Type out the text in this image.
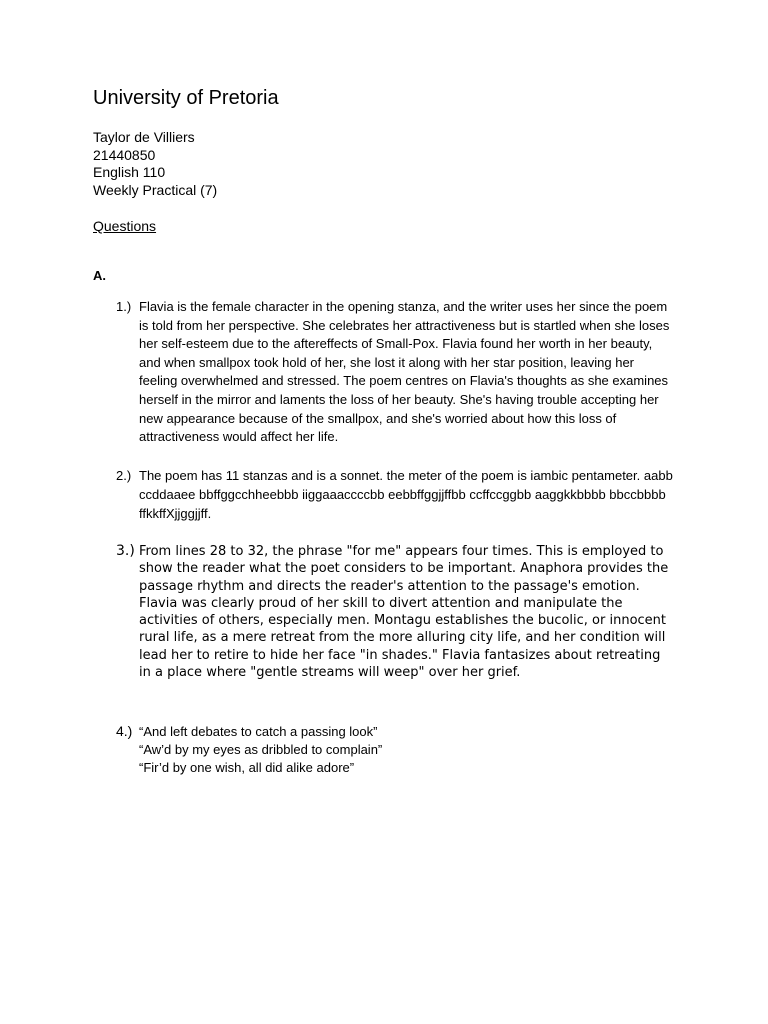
University of Pretoria
Taylor de Villiers
21440850
English 110
Weekly Practical (7)
Questions
A.
1.) Flavia is the female character in the opening stanza, and the writer uses her since the poem is told from her perspective. She celebrates her attractiveness but is startled when she loses her self-esteem due to the aftereffects of Small-Pox. Flavia found her worth in her beauty, and when smallpox took hold of her, she lost it along with her star position, leaving her feeling overwhelmed and stressed. The poem centres on Flavia's thoughts as she examines herself in the mirror and laments the loss of her beauty. She's having trouble accepting her new appearance because of the smallpox, and she's worried about how this loss of attractiveness would affect her life.
2.) The poem has 11 stanzas and is a sonnet. the meter of the poem is iambic pentameter. aabb ccddaaee bbffggcchheebbb iiggaaaccccbb eebbffggjjffbb ccffccggbb aaggkkbbbb bbccbbbb ffkkffXjjggjjff.
3.) From lines 28 to 32, the phrase "for me" appears four times. This is employed to show the reader what the poet considers to be important. Anaphora provides the passage rhythm and directs the reader's attention to the passage's emotion. Flavia was clearly proud of her skill to divert attention and manipulate the activities of others, especially men. Montagu establishes the bucolic, or innocent rural life, as a mere retreat from the more alluring city life, and her condition will lead her to retire to hide her face "in shades." Flavia fantasizes about retreating in a place where "gentle streams will weep" over her grief.
4.) “And left debates to catch a passing look”
“Aw’d by my eyes as dribbled to complain”
“Fir’d by one wish, all did alike adore”
